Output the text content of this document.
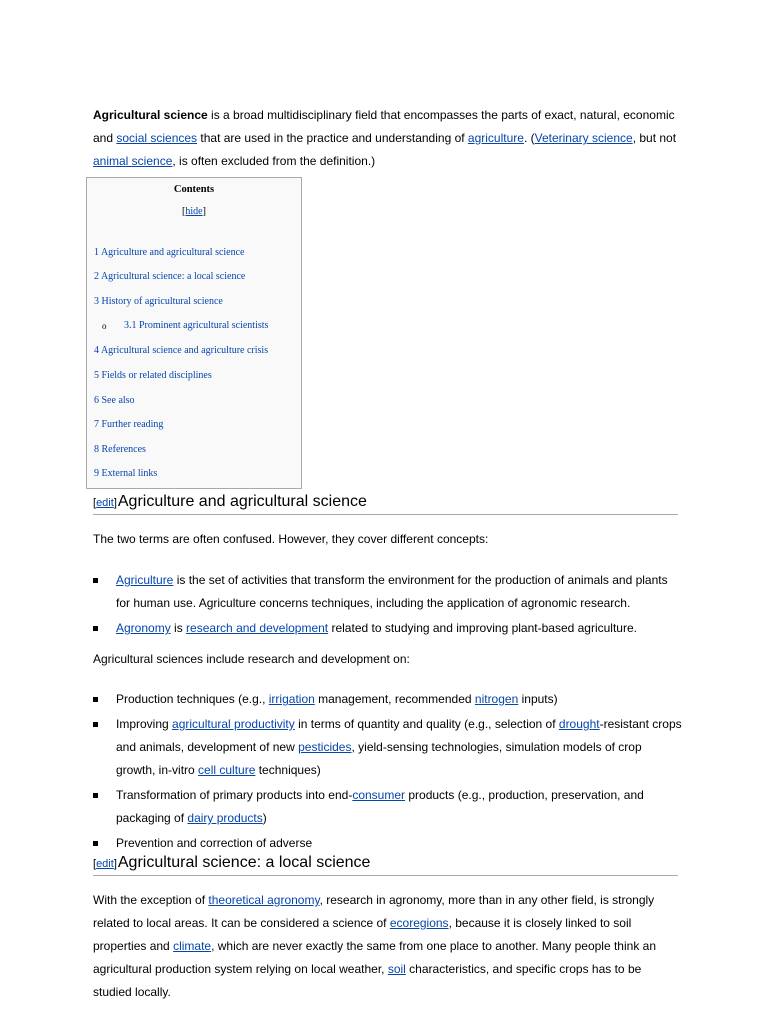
Agricultural science is a broad multidisciplinary field that encompasses the parts of exact, natural, economic and social sciences that are used in the practice and understanding of agriculture. (Veterinary science, but not animal science, is often excluded from the definition.)

Contents
[hide]
1 Agriculture and agricultural science
2 Agricultural science: a local science
3 History of agricultural science
o 3.1 Prominent agricultural scientists
4 Agricultural science and agriculture crisis
5 Fields or related disciplines
6 See also
7 Further reading
8 References
9 External links
[edit]Agriculture and agricultural science

The two terms are often confused. However, they cover different concepts:

Agriculture is the set of activities that transform the environment for the production of animals and plants for human use. Agriculture concerns techniques, including the application of agronomic research.
Agronomy is research and development related to studying and improving plant-based agriculture.

Agricultural sciences include research and development on:

Production techniques (e.g., irrigation management, recommended nitrogen inputs)
Improving agricultural productivity in terms of quantity and quality (e.g., selection of drought-resistant crops and animals, development of new pesticides, yield-sensing technologies, simulation models of crop growth, in-vitro cell culture techniques)
Transformation of primary products into end-consumer products (e.g., production, preservation, and packaging of dairy products)
Prevention and correction of adverse
[edit]Agricultural science: a local science

With the exception of theoretical agronomy, research in agronomy, more than in any other field, is strongly related to local areas. It can be considered a science of ecoregions, because it is closely linked to soil properties and climate, which are never exactly the same from one place to another. Many people think an agricultural production system relying on local weather, soil characteristics, and specific crops has to be studied locally.
